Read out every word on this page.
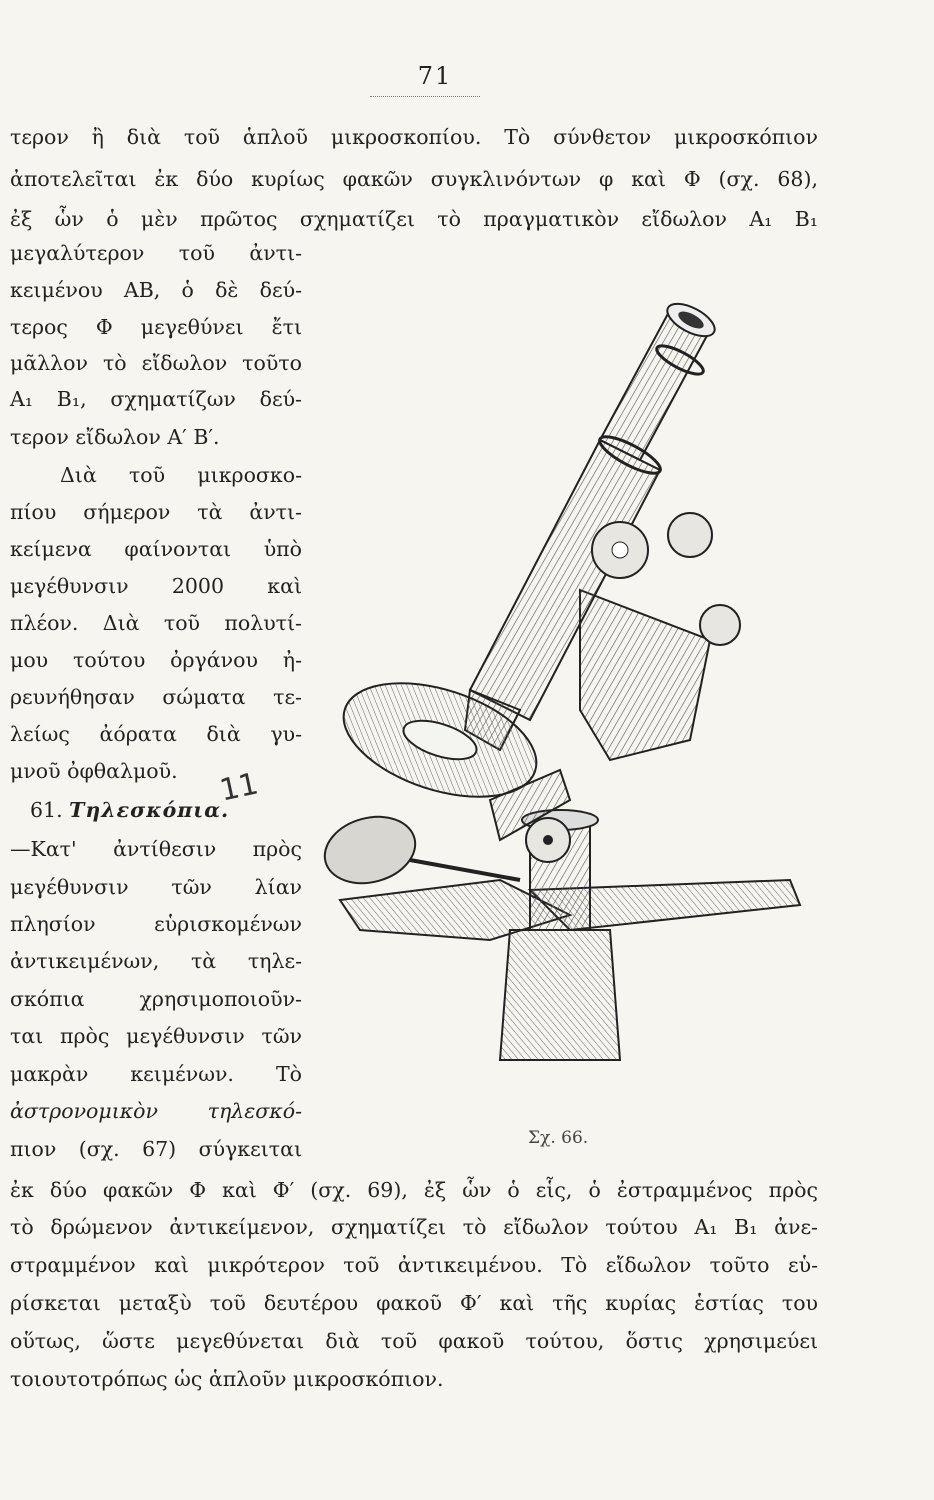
71
τερον ἢ διὰ τοῦ ἁπλοῦ μικροσκοπίου. Τὸ σύνθετον μικροσκόπιον
ἀποτελεῖται ἐκ δύο κυρίως φακῶν συγκλινόντων φ καὶ Φ (σχ. 68),
ἐξ ὧν ὁ μὲν πρῶτος σχηματίζει τὸ πραγματικὸν εἴδωλον Α₁ Β₁
μεγαλύτερον τοῦ ἀντι-
κειμένου ΑΒ, ὁ δὲ δεύ-
τερος Φ μεγεθύνει ἔτι
μᾶλλον τὸ εἴδωλον τοῦτο
Α₁ Β₁, σχηματίζων δεύ-
τερον εἴδωλον Α′ Β′.
Διὰ τοῦ μικροσκο-
πίου σήμερον τὰ ἀντι-
κείμενα φαίνονται ὑπὸ
μεγέθυνσιν 2000 καὶ
πλέον. Διὰ τοῦ πολυτί-
μου τούτου ὀργάνου ἠ-
ρευνήθησαν σώματα τε-
λείως ἀόρατα διὰ γυ-
μνοῦ ὀφθαλμοῦ.
61. Τηλεσκόπια.
—Κατ' ἀντίθεσιν πρὸς
μεγέθυνσιν τῶν λίαν
πλησίον εὑρισκομένων
ἀντικειμένων, τὰ τηλε-
σκόπια χρησιμοποιοῦν-
ται πρὸς μεγέθυνσιν τῶν
μακρὰν κειμένων. Τὸ
ἀστρονομικὸν τηλεσκό-
πιον (σχ. 67) σύγκειται
ἐκ δύο φακῶν Φ καὶ Φ′ (σχ. 69), ἐξ ὧν ὁ εἷς, ὁ ἐστραμμένος πρὸς
τὸ δρώμενον ἀντικείμενον, σχηματίζει τὸ εἴδωλον τούτου Α₁ Β₁ ἀνε-
στραμμένον καὶ μικρότερον τοῦ ἀντικειμένου. Τὸ εἴδωλον τοῦτο εὑ-
ρίσκεται μεταξὺ τοῦ δευτέρου φακοῦ Φ′ καὶ τῆς κυρίας ἑστίας του
οὕτως, ὥστε μεγεθύνεται διὰ τοῦ φακοῦ τούτου, ὅστις χρησιμεύει
τοιουτοτρόπως ὡς ἁπλοῦν μικροσκόπιον.
11
Σχ. 66.
